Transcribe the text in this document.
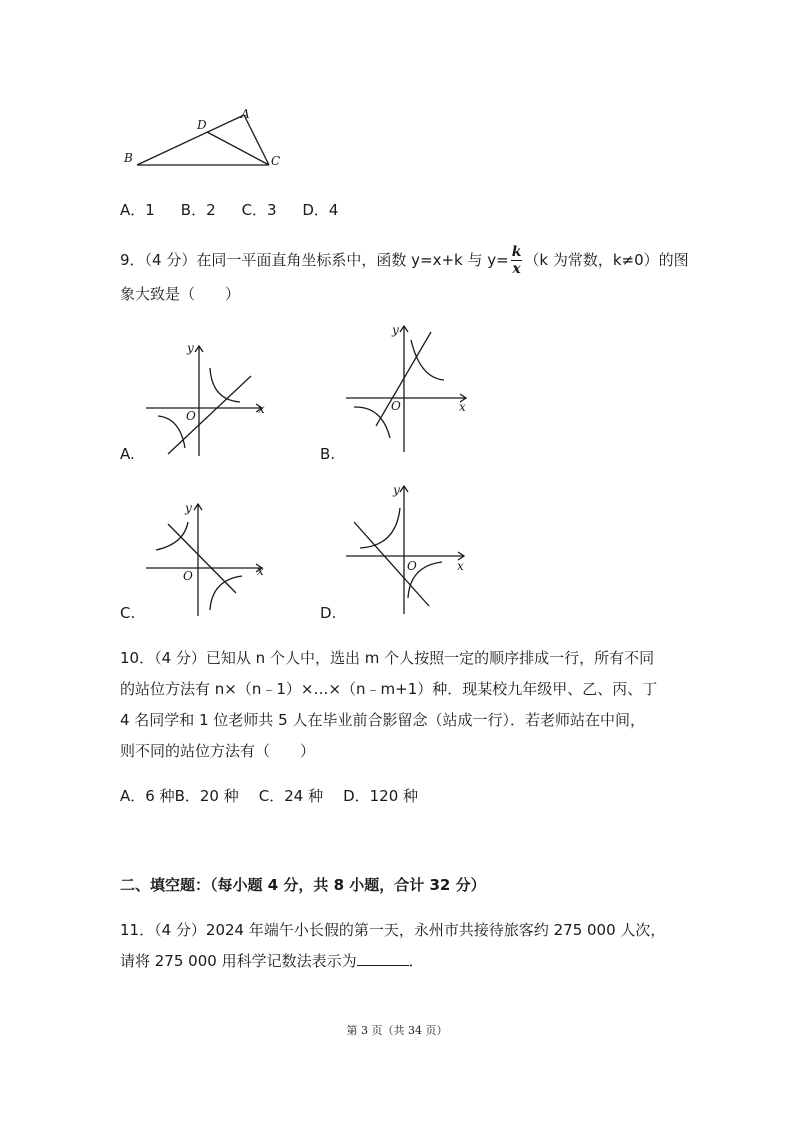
A
D
B	C
A．1 B．2 C．3 D．4
9．（4 分）在同一平面直角坐标系中，函数 y=x+k 与 $y= \frac{k}{x} (k$ 为常数，k≠0）的图
象大致是（　　）
y
x
O
A.
y
x
O
B.
y
x
O
C.
y
x
O
D.
10．（4 分）已知从 n 个人中，选出 m 个人按照一定的顺序排成一行，所有不同
的站位方法有 n×（n﹣1）×…×（n﹣m+1）种．现某校九年级甲、乙、丙、丁
4 名同学和 1 位老师共 5 人在毕业前合影留念（站成一行）．若老师站在中间，
则不同的站位方法有（　　）
A．6 种B．20 种 C．24 种 D．120 种
二、填空题：（每小题 4 分，共 8 小题，合计 32 分）
11．（4 分）2024 年端午小长假的第一天，永州市共接待旅客约 275 000 人次，
请将 275 000 用科学记数法表示为	．
第 3 页（共 34 页）
